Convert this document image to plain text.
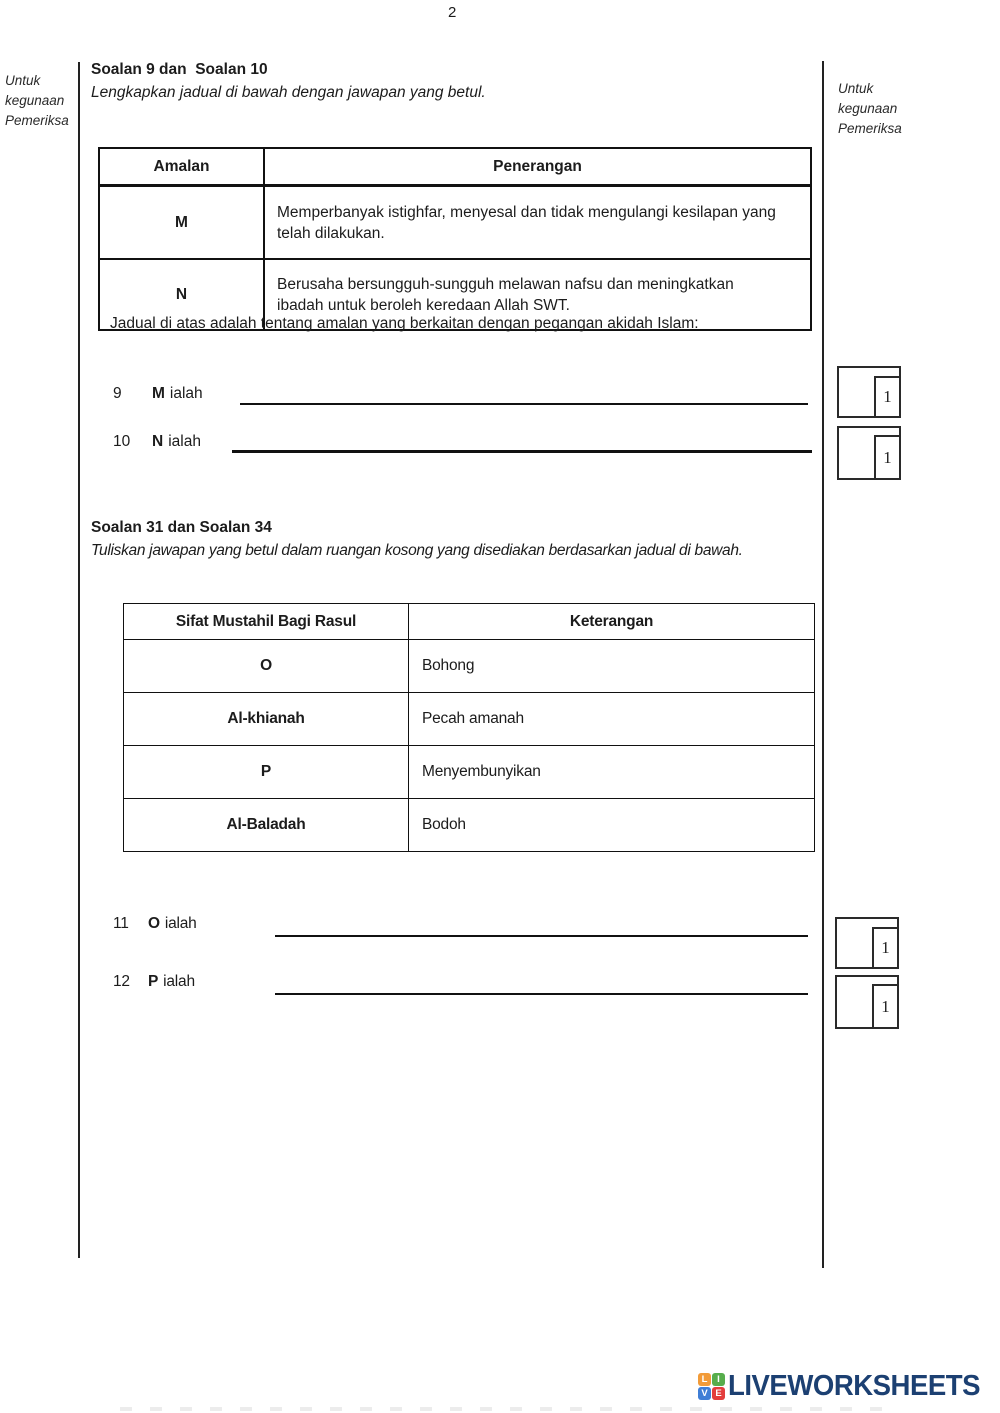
2
Untuk
kegunaan
Pemeriksa
Untuk
kegunaan
Pemeriksa
Soalan 9 dan  Soalan 10
Lengkapkan jadual di bawah dengan jawapan yang betul.
Amalan	Penerangan
M	Memperbanyak istighfar, menyesal dan tidak mengulangi kesilapan yang telah dilakukan.
N	Berusaha bersungguh-sungguh melawan nafsu dan meningkatkan ibadah untuk beroleh keredaan Allah SWT.
Jadual di atas adalah tentang amalan yang berkaitan dengan pegangan akidah Islam:
9 M ialah
10 N ialah
1
1
Soalan 31 dan Soalan 34
Tuliskan jawapan yang betul dalam ruangan kosong yang disediakan berdasarkan jadual di bawah.
Sifat Mustahil Bagi Rasul	Keterangan
O	Bohong
Al-khianah	Pecah amanah
P	Menyembunyikan
Al-Baladah	Bodoh
11 O ialah
12 P ialah
1
1
L	I
V E LIVEWORKSHEETS
